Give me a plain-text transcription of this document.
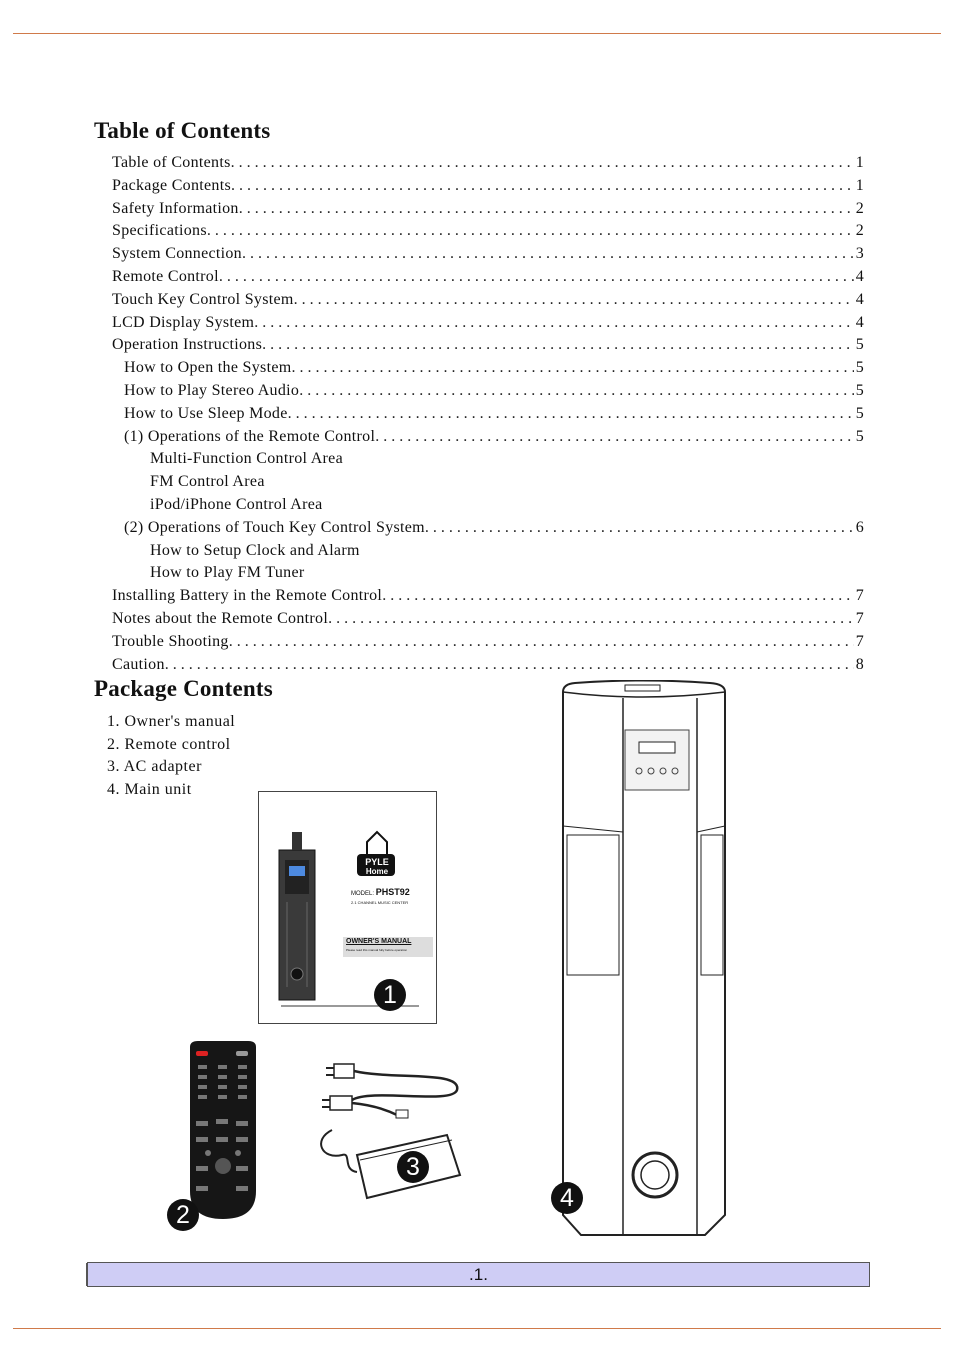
Table of Contents
Table of Contents . . .	1
Package Contents . . .	1
Safety Information . . .	2
Specifications . . .	2
System Connection . . .	3
Remote Control . . .	4
Touch Key Control System . . .	4
LCD Display System . . .	4
Operation Instructions . . .	5
How to Open the System . . .	5
How to Play Stereo Audio . . .	5
How to Use Sleep Mode . . .	5
(1) Operations of the Remote Control . . .	5
Multi-Function Control Area
FM Control Area
iPod/iPhone Control Area
(2) Operations of Touch Key Control System . . .	6
How to Setup Clock and Alarm
How to Play FM Tuner
Installing Battery in the Remote Control . . .	7
Notes about the Remote Control . . .	7
Trouble Shooting . . .	7
Caution . . .	8
Package Contents
1. Owner's manual
2. Remote control
3. AC adapter
4. Main unit
PYLE
Home
MODEL: PHST92
2.1 CHANNEL MUSIC CENTER
OWNER'S MANUAL
Please read this manual fully before operation
1
2
3
4
.1.
